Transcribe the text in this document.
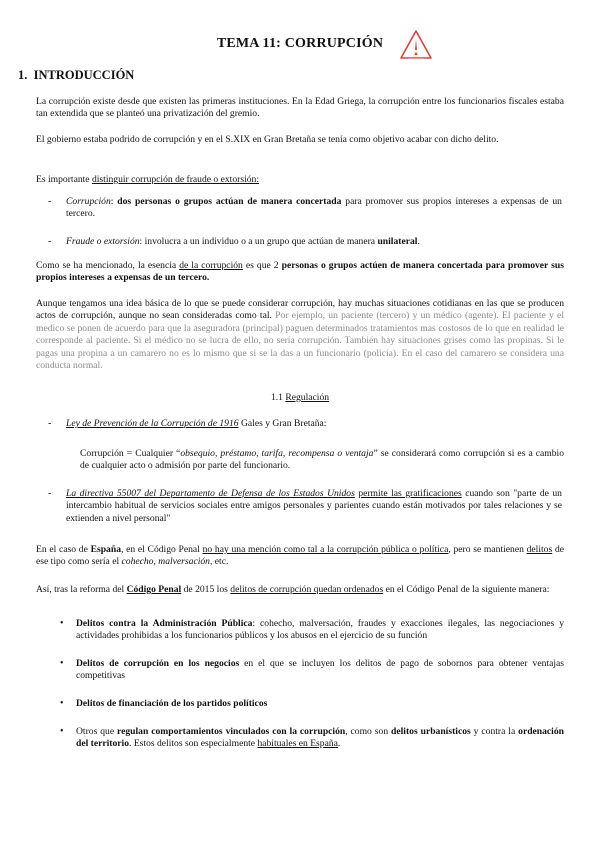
TEMA 11: CORRUPCIÓN
1.  INTRODUCCIÓN

La corrupción existe desde que existen las primeras instituciones. En la Edad Griega, la corrupción entre los funcionarios fiscales estaba tan extendida que se planteó una privatización del gremio.

El gobierno estaba podrido de corrupción y en el S.XIX en Gran Bretaña se tenía como objetivo acabar con dicho delito.

Es importante distinguir corrupción de fraude o extorsión:

- Corrupción: dos personas o grupos actúan de manera concertada para promover sus propios intereses a expensas de un tercero.

- Fraude o extorsión: involucra a un individuo o a un grupo que actúan de manera unilateral.

Como se ha mencionado, la esencia de la corrupción es que 2 personas o grupos actúen de manera concertada para promover sus propios intereses a expensas de un tercero.

Aunque tengamos una idea básica de lo que se puede considerar corrupción, hay muchas situaciones cotidianas en las que se producen actos de corrupción, aunque no sean consideradas como tal. Por ejemplo, un paciente (tercero) y un médico (agente). El paciente y el medico se ponen de acuerdo para que la aseguradora (principal) paguen determinados tratamientos mas costosos de lo que en realidad le corresponde al paciente. Si el médico no se lucra de ello, no sería corrupción. También hay situaciones grises como las propinas. Si le pagas una propina a un camarero no es lo mismo que si se la das a un funcionario (policía). En el caso del camarero se considera una conducta normal.

1.1 Regulación

- Ley de Prevención de la Corrupción de 1916 Gales y Gran Bretaña:

Corrupción = Cualquier “obsequio, préstamo, tarifa, recompensa o ventaja” se considerará como corrupción si es a cambio de cualquier acto o admisión por parte del funcionario.

- La directiva 55007 del Departamento de Defensa de los Estados Unidos permite las gratificaciones cuando son "parte de un intercambio habitual de servicios sociales entre amigos personales y parientes cuando están motivados por tales relaciones y se extienden a nivel personal"

En el caso de España, en el Código Penal no hay una mención como tal a la corrupción pública o política, pero se mantienen delitos de ese tipo como sería el cohecho, malversación, etc.

Así, tras la reforma del Código Penal de 2015 los delitos de corrupción quedan ordenados en el Código Penal de la siguiente manera:

• Delitos contra la Administración Pública: cohecho, malversación, fraudes y exacciones ilegales, las negociaciones y actividades prohibidas a los funcionarios públicos y los abusos en el ejercicio de su función

• Delitos de corrupción en los negocios en el que se incluyen los delitos de pago de sobornos para obtener ventajas competitivas

• Delitos de financiación de los partidos políticos

• Otros que regulan comportamientos vinculados con la corrupción, como son delitos urbanísticos y contra la ordenación del territorio. Estos delitos son especialmente habituales en España.
